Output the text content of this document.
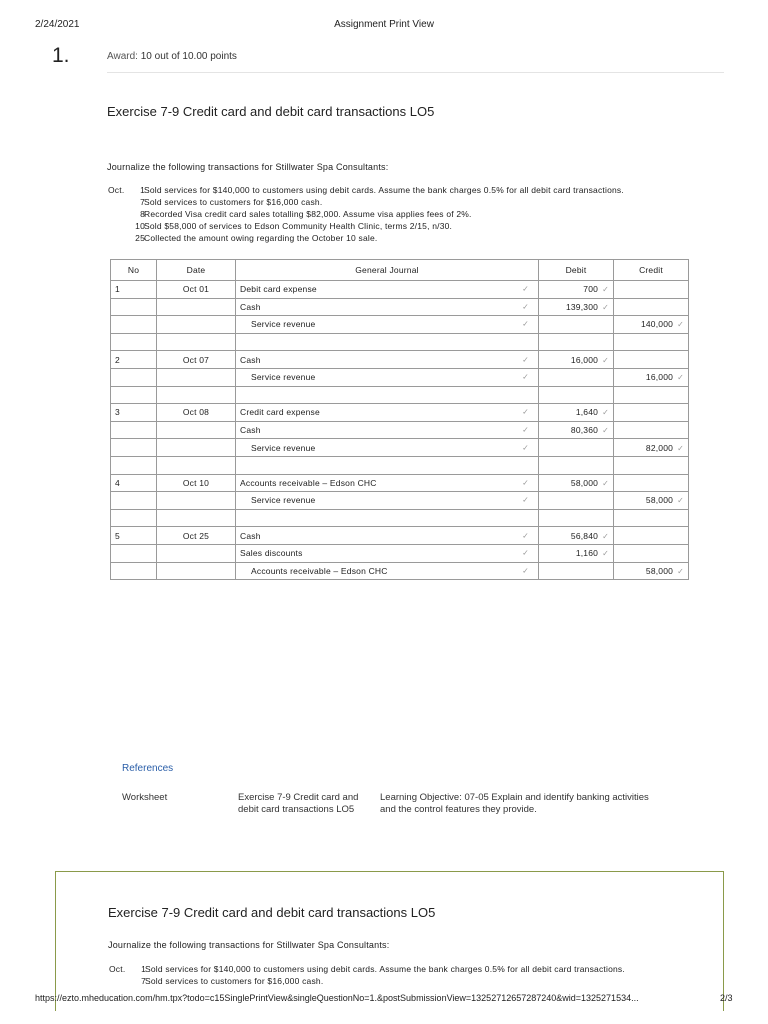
2/24/2021	Assignment Print View
1.	Award: 10 out of 10.00 points
Exercise 7-9 Credit card and debit card transactions LO5
Journalize the following transactions for Stillwater Spa Consultants:
Oct.	1 Sold services for $140,000 to customers using debit cards. Assume the bank charges 0.5% for all debit card transactions.
7 Sold services to customers for $16,000 cash.
8 Recorded Visa credit card sales totalling $82,000. Assume visa applies fees of 2%.
10 Sold $58,000 of services to Edson Community Health Clinic, terms 2/15, n/30.
25 Collected the amount owing regarding the October 10 sale.
No	Date	General Journal	Debit	Credit
1	Oct 01	Debit card expense ✓	700 ✓	
		Cash ✓	139,300 ✓	
		Service revenue ✓		140,000 ✓

2	Oct 07	Cash ✓	16,000 ✓	
		Service revenue ✓		16,000 ✓

3	Oct 08	Credit card expense ✓	1,640 ✓	
		Cash ✓	80,360 ✓	
		Service revenue ✓		82,000 ✓

4	Oct 10	Accounts receivable – Edson CHC ✓	58,000 ✓	
		Service revenue ✓		58,000 ✓

5	Oct 25	Cash ✓	56,840 ✓	
		Sales discounts ✓	1,160 ✓	
		Accounts receivable – Edson CHC ✓		58,000 ✓
References
Worksheet	Exercise 7-9 Credit card and debit card transactions LO5
Learning Objective: 07-05 Explain and identify banking activities and the control features they provide.
Exercise 7-9 Credit card and debit card transactions LO5
Journalize the following transactions for Stillwater Spa Consultants:
Oct.	1 Sold services for $140,000 to customers using debit cards. Assume the bank charges 0.5% for all debit card transactions.
7 Sold services to customers for $16,000 cash.
https://ezto.mheducation.com/hm.tpx?todo=c15SinglePrintView&singleQuestionNo=1.&postSubmissionView=13252712657287240&wid=1325271534...	2/3
